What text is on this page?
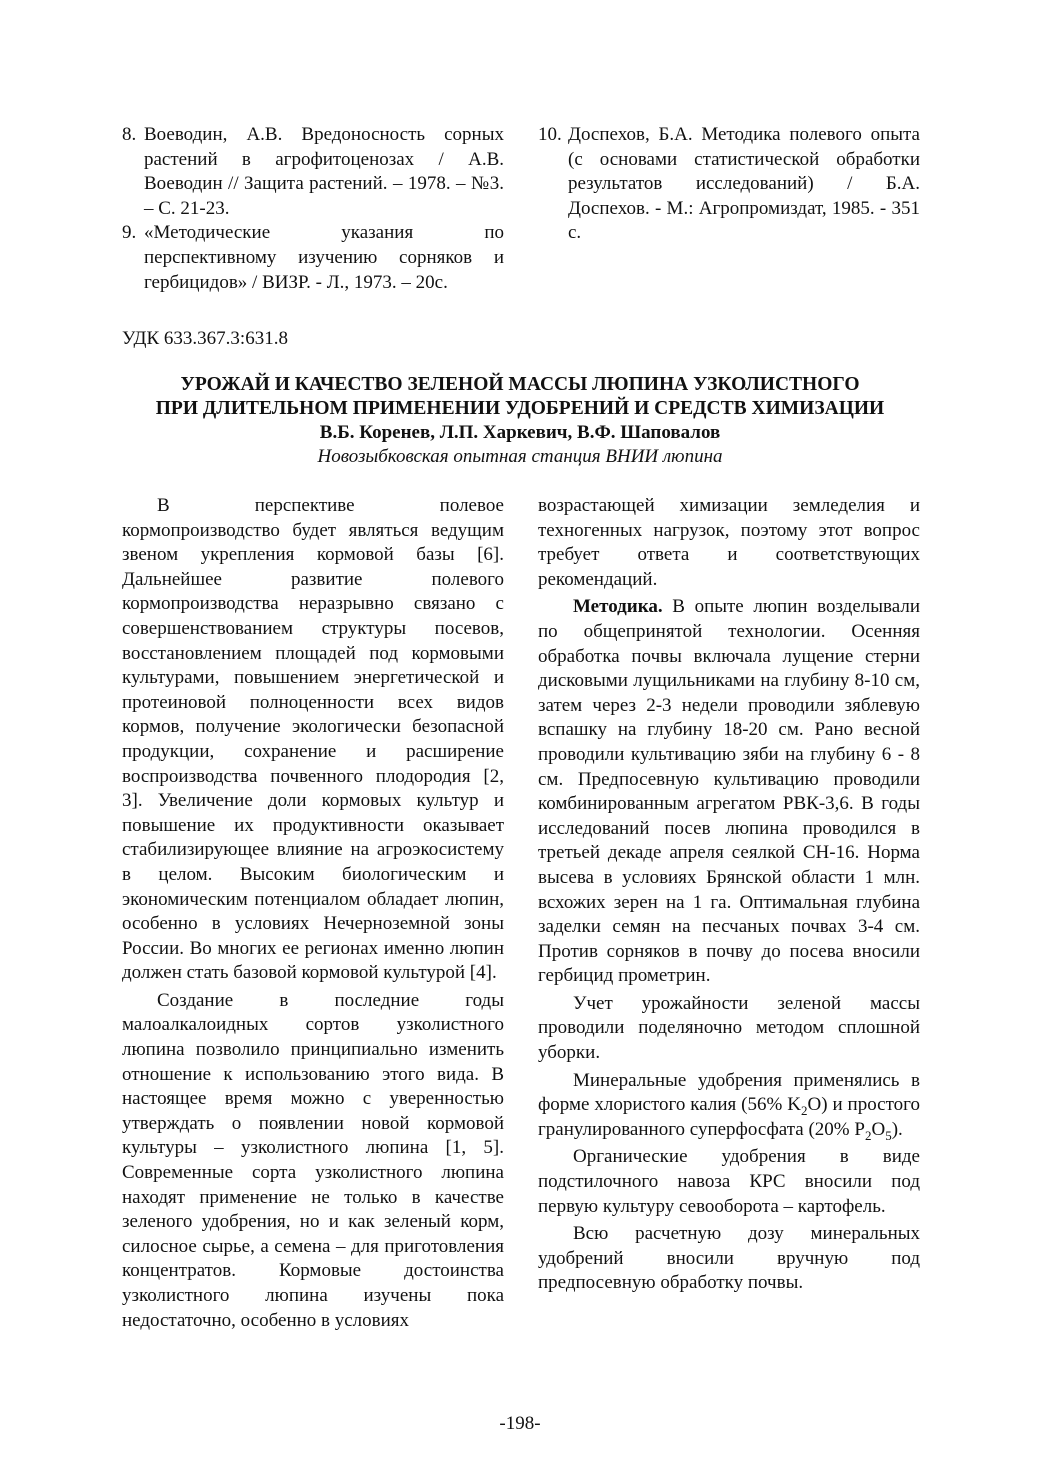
8. Воеводин, А.В. Вредоносность сорных растений в агрофитоценозах / А.В. Воеводин // Защита растений. – 1978. – №3. – С. 21-23.
9. «Методические указания по перспективному изучению сорняков и гербицидов» / ВИЗР. - Л., 1973. – 20с.
10. Доспехов, Б.А. Методика полевого опыта (с основами статистической обработки результатов исследований) / Б.А. Доспехов. - М.: Агропромиздат, 1985. - 351 с.
УДК 633.367.3:631.8

УРОЖАЙ И КАЧЕСТВО ЗЕЛЕНОЙ МАССЫ ЛЮПИНА УЗКОЛИСТНОГО

ПРИ ДЛИТЕЛЬНОМ ПРИМЕНЕНИИ УДОБРЕНИЙ И СРЕДСТВ ХИМИЗАЦИИ

В.Б. Коренев, Л.П. Харкевич, В.Ф. Шаповалов

Новозыбковская опытная станция ВНИИ люпина

В перспективе полевое кормопроизводство будет являться ведущим звеном укрепления кормовой базы [6]. Дальнейшее развитие полевого кормопроизводства неразрывно связано с совершенствованием структуры посевов, восстановлением площадей под кормовыми культурами, повышением энергетической и протеиновой полноценности всех видов кормов, получение экологически безопасной продукции, сохранение и расширение воспроизводства почвенного плодородия [2, 3]. Увеличение доли кормовых культур и повышение их продуктивности оказывает стабилизирующее влияние на агроэкосистему в целом. Высоким биологическим и экономическим потенциалом обладает люпин, особенно в условиях Нечерноземной зоны России. Во многих ее регионах именно люпин должен стать базовой кормовой культурой [4].

Создание в последние годы малоалкалоидных сортов узколистного люпина позволило принципиально изменить отношение к использованию этого вида. В настоящее время можно с уверенностью утверждать о появлении новой кормовой культуры – узколистного люпина [1, 5]. Современные сорта узколистного люпина находят применение не только в качестве зеленого удобрения, но и как зеленый корм, силосное сырье, а семена – для приготовления концентратов. Кормовые достоинства узколистного люпина изучены пока недостаточно, особенно в условиях

возрастающей химизации земледелия и техногенных нагрузок, поэтому этот вопрос требует ответа и соответствующих рекомендаций.

Методика. В опыте люпин возделывали по общепринятой технологии. Осенняя обработка почвы включала лущение стерни дисковыми лущильниками на глубину 8-10 см, затем через 2-3 недели проводили зяблевую вспашку на глубину 18-20 см. Рано весной проводили культивацию зяби на глубину 6 - 8 см. Предпосевную культивацию проводили комбинированным агрегатом РВК-3,6. В годы исследований посев люпина проводился в третьей декаде апреля сеялкой СН-16. Норма высева в условиях Брянской области 1 млн. всхожих зерен на 1 га. Оптимальная глубина заделки семян на песчаных почвах 3-4 см. Против сорняков в почву до посева вносили гербицид прометрин.

Учет урожайности зеленой массы проводили поделяночно методом сплошной уборки.

Минеральные удобрения применялись в форме хлористого калия (56% $K_2O$) и простого гранулированного суперфосфата (20% $P_2O_5$).

Органические удобрения в виде подстилочного навоза КРС вносили под первую культуру севооборота – картофель.

Всю расчетную дозу минеральных удобрений вносили вручную под предпосевную обработку почвы.

-198-
